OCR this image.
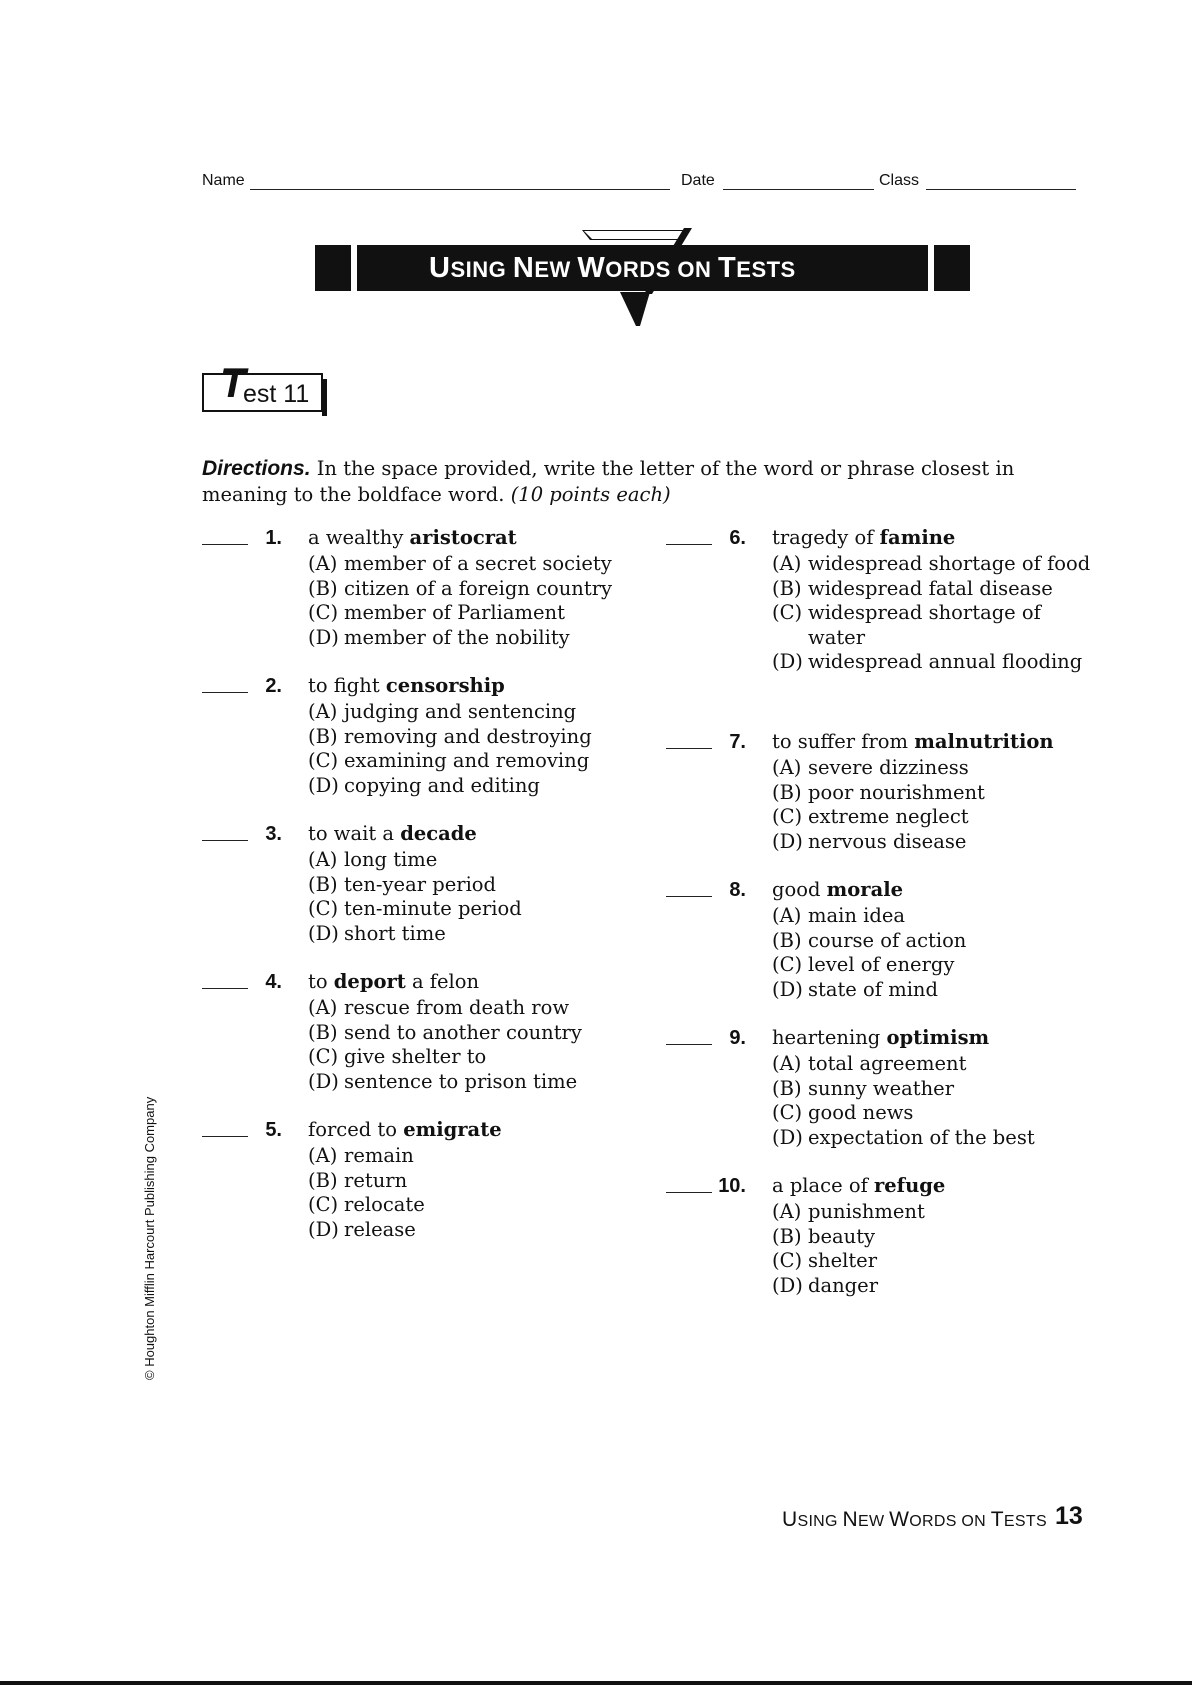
Name	Date	Class
USING NEW WORDS ON TESTS
T
est 11
Directions. In the space provided, write the letter of the word or phrase closest in meaning to the boldface word. (10 points each)
1. a wealthy aristocrat
(A) member of a secret society
(B) citizen of a foreign country
(C) member of Parliament
(D) member of the nobility
2. to fight censorship
(A) judging and sentencing
(B) removing and destroying
(C) examining and removing
(D) copying and editing
3. to wait a decade
(A) long time
(B) ten-year period
(C) ten-minute period
(D) short time
4. to deport a felon
(A) rescue from death row
(B) send to another country
(C) give shelter to
(D) sentence to prison time
5. forced to emigrate
(A) remain
(B) return
(C) relocate
(D) release
6. tragedy of famine
(A) widespread shortage of food
(B) widespread fatal disease
(C) widespread shortage of water
(D) widespread annual flooding
7. to suffer from malnutrition
(A) severe dizziness
(B) poor nourishment
(C) extreme neglect
(D) nervous disease
8. good morale
(A) main idea
(B) course of action
(C) level of energy
(D) state of mind
9. heartening optimism
(A) total agreement
(B) sunny weather
(C) good news
(D) expectation of the best
10. a place of refuge
(A) punishment
(B) beauty
(C) shelter
(D) danger
© Houghton Mifflin Harcourt Publishing Company
USING NEW WORDS ON TESTS 13
